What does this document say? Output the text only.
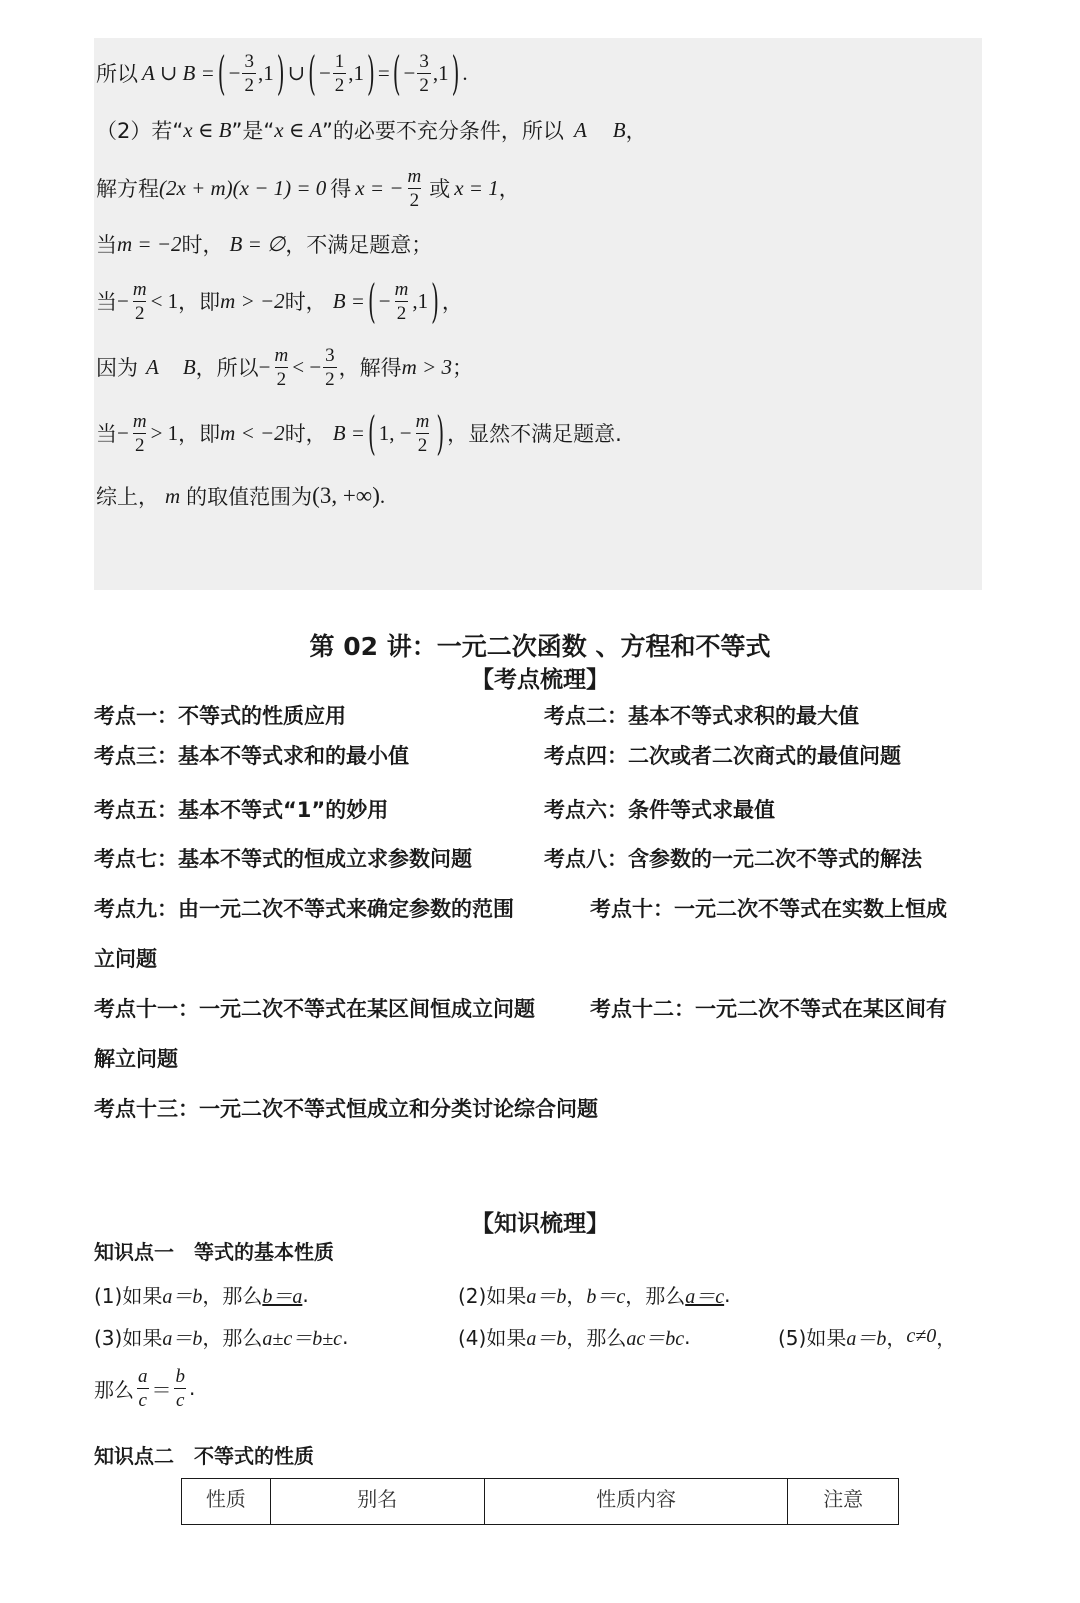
所以 A ∪ B = ( − $\frac{3}{2} ,1$ ) ∪ ( − $\frac{1}{2} ,1$ ) = ( − $\frac{3}{2} ,1$ ) .
（2）若“ x ∈ B ”是“ x ∈ A ”的必要不充分条件，所以 A B ，
解方程 (2x + m)(x − 1) = 0 得 x = − $\frac{m}{2}$ 或 x = 1 ，
当 m = −2 时， B = ∅ ，不满足题意；
当 − $\frac{m}{2} < 1$ ，即 m > −2 时， B = ( − $\frac{m}{2} ,1$ ) ，
因为 A B ，所以 − $\frac{m}{2}$ < − $\frac{3}{2}$ ，解得 m > 3 ；
当 − $\frac{m}{2} > 1$ ，即 m < −2 时， B = ( 1, − $\frac{m}{2}$ ) ，显然不满足题意.
综上， m 的取值范围为 (3, +∞) .
第 02 讲：一元二次函数 、方程和不等式
【考点梳理】
考点一：不等式的性质应用	考点二：基本不等式求积的最大值
考点三：基本不等式求和的最小值	考点四：二次或者二次商式的最值问题
考点五：基本不等式“1”的妙用	考点六：条件等式求最值
考点七：基本不等式的恒成立求参数问题	考点八：含参数的一元二次不等式的解法
考点九：由一元二次不等式来确定参数的范围	考点十：一元二次不等式在实数上恒成
立问题
考点十一：一元二次不等式在某区间恒成立问题	考点十二：一元二次不等式在某区间有
解立问题
考点十三：一元二次不等式恒成立和分类讨论综合问题
【知识梳理】
知识点一　等式的基本性质
(1)如果 a＝b ，那么 b＝a .	(2)如果 a＝b ， b＝c ，那么 a＝c .
(3)如果 a＝b ，那么 a±c＝b±c .	(4)如果 a＝b ，那么 ac＝bc .	(5)如果 a＝b ， c≠0 ，
那么 $\frac{a}{c} = \frac{b}{c}$ .
知识点二　不等式的性质
性质	别名	性质内容	注意
